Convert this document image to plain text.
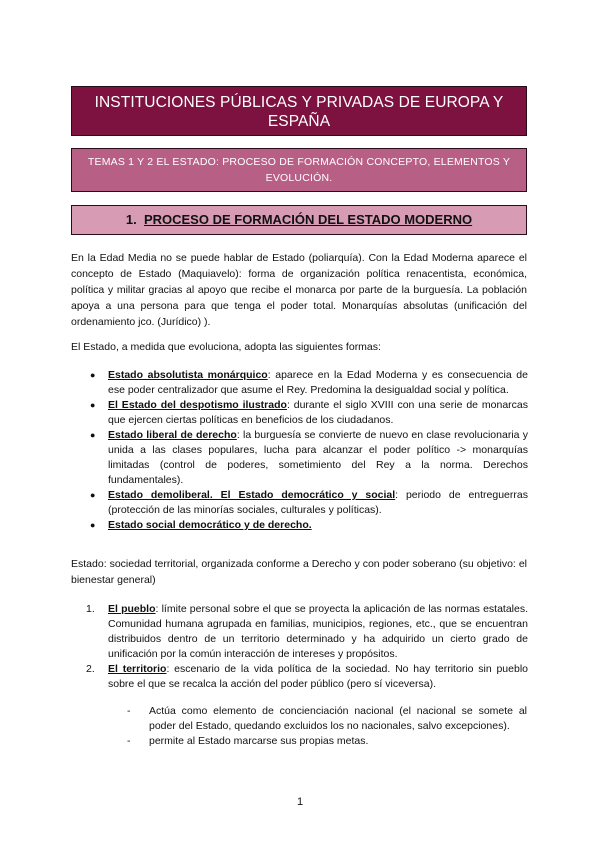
INSTITUCIONES PÚBLICAS Y PRIVADAS DE EUROPA Y ESPAÑA
TEMAS 1 Y 2 EL ESTADO: PROCESO DE FORMACIÓN CONCEPTO, ELEMENTOS Y EVOLUCIÓN.
1. PROCESO DE FORMACIÓN DEL ESTADO MODERNO
En la Edad Media no se puede hablar de Estado (poliarquía). Con la Edad Moderna aparece el concepto de Estado (Maquiavelo): forma de organización política renacentista, económica, política y militar gracias al apoyo que recibe el monarca por parte de la burguesía. La población apoya a una persona para que tenga el poder total. Monarquías absolutas (unificación del ordenamiento jco. (Jurídico) ).
El Estado, a medida que evoluciona, adopta las siguientes formas:
● Estado absolutista monárquico: aparece en la Edad Moderna y es consecuencia de ese poder centralizador que asume el Rey. Predomina la desigualdad social y política.
● El Estado del despotismo ilustrado: durante el siglo XVIII con una serie de monarcas que ejercen ciertas políticas en beneficios de los ciudadanos.
● Estado liberal de derecho: la burguesía se convierte de nuevo en clase revolucionaria y unida a las clases populares, lucha para alcanzar el poder político -> monarquías limitadas (control de poderes, sometimiento del Rey a la norma. Derechos fundamentales).
● Estado demoliberal. El Estado democrático y social: periodo de entreguerras (protección de las minorías sociales, culturales y políticas).
● Estado social democrático y de derecho.
Estado: sociedad territorial, organizada conforme a Derecho y con poder soberano (su objetivo: el bienestar general)
1. El pueblo: límite personal sobre el que se proyecta la aplicación de las normas estatales. Comunidad humana agrupada en familias, municipios, regiones, etc., que se encuentran distribuidos dentro de un territorio determinado y ha adquirido un cierto grado de unificación por la común interacción de intereses y propósitos.
2. El territorio: escenario de la vida política de la sociedad. No hay territorio sin pueblo sobre el que se recalca la acción del poder público (pero sí viceversa).
- Actúa como elemento de concienciación nacional (el nacional se somete al poder del Estado, quedando excluidos los no nacionales, salvo excepciones).
- permite al Estado marcarse sus propias metas.
1
